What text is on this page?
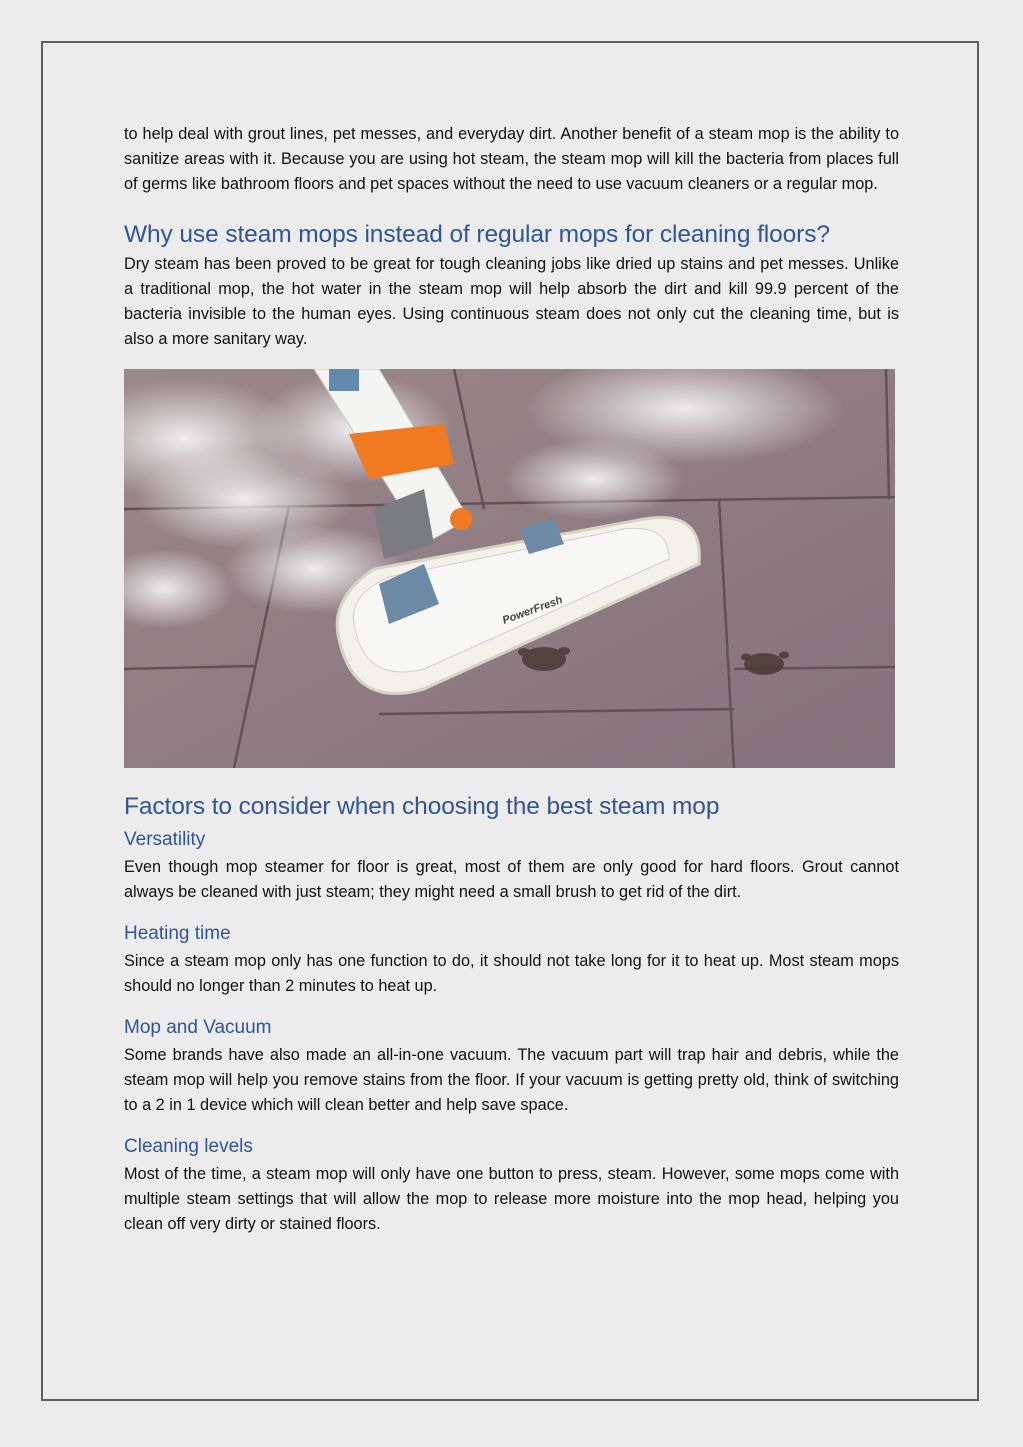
to help deal with grout lines, pet messes, and everyday dirt. Another benefit of a steam mop is the ability to sanitize areas with it. Because you are using hot steam, the steam mop will kill the bacteria from places full of germs like bathroom floors and pet spaces without the need to use vacuum cleaners or a regular mop.

Why use steam mops instead of regular mops for cleaning floors?

Dry steam has been proved to be great for tough cleaning jobs like dried up stains and pet messes. Unlike a traditional mop, the hot water in the steam mop will help absorb the dirt and kill 99.9 percent of the bacteria invisible to the human eyes. Using continuous steam does not only cut the cleaning time, but is also a more sanitary way.

PowerFresh
Factors to consider when choosing the best steam mop
Versatility

Even though mop steamer for floor is great, most of them are only good for hard floors. Grout cannot always be cleaned with just steam; they might need a small brush to get rid of the dirt.

Heating time

Since a steam mop only has one function to do, it should not take long for it to heat up. Most steam mops should no longer than 2 minutes to heat up.

Mop and Vacuum

Some brands have also made an all-in-one vacuum. The vacuum part will trap hair and debris, while the steam mop will help you remove stains from the floor. If your vacuum is getting pretty old, think of switching to a 2 in 1 device which will clean better and help save space.

Cleaning levels

Most of the time, a steam mop will only have one button to press, steam. However, some mops come with multiple steam settings that will allow the mop to release more moisture into the mop head, helping you clean off very dirty or stained floors.
